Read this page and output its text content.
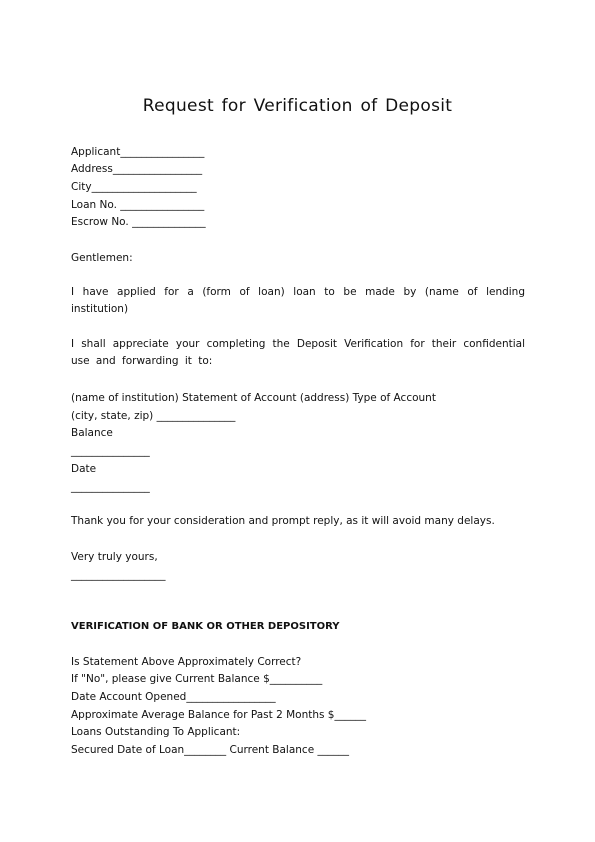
Request for Verification of Deposit
Applicant________________
Address_________________
City____________________
Loan No. ________________
Escrow No. ______________
Gentlemen:
I have applied for a (form of loan) loan to be made by (name of lending institution)
I shall appreciate your completing the Deposit Verification for their confidential use and forwarding it to:
(name of institution) Statement of Account (address) Type of Account
(city, state, zip) _______________
Balance
_______________
Date
_______________
Thank you for your consideration and prompt reply, as it will avoid many delays.
Very truly yours,
__________________
VERIFICATION OF BANK OR OTHER DEPOSITORY
Is Statement Above Approximately Correct?
If "No", please give Current Balance $__________
Date Account Opened_________________
Approximate Average Balance for Past 2 Months $______
Loans Outstanding To Applicant:
Secured Date of Loan________ Current Balance ______
